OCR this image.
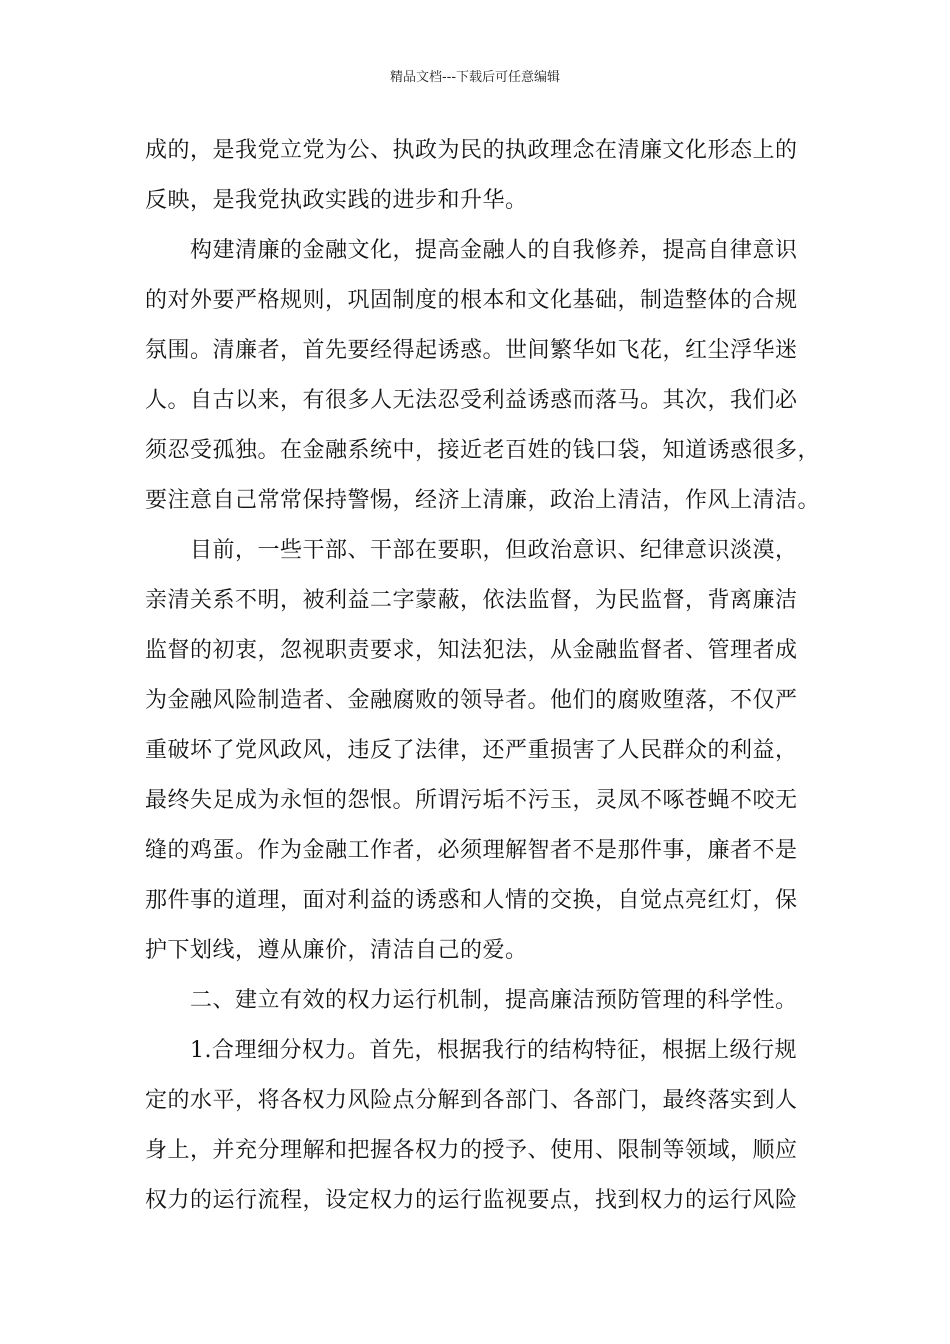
精品文档---下载后可任意编辑
成的，是我党立党为公、执政为民的执政理念在清廉文化形态上的
反映，是我党执政实践的进步和升华。
构建清廉的金融文化，提高金融人的自我修养，提高自律意识
的对外要严格规则，巩固制度的根本和文化基础，制造整体的合规
氛围。清廉者，首先要经得起诱惑。世间繁华如飞花，红尘浮华迷
人。自古以来，有很多人无法忍受利益诱惑而落马。其次，我们必
须忍受孤独。在金融系统中，接近老百姓的钱口袋，知道诱惑很多，
要注意自己常常保持警惕，经济上清廉，政治上清洁，作风上清洁。
目前，一些干部、干部在要职，但政治意识、纪律意识淡漠，
亲清关系不明，被利益二字蒙蔽，依法监督，为民监督，背离廉洁
监督的初衷，忽视职责要求，知法犯法，从金融监督者、管理者成
为金融风险制造者、金融腐败的领导者。他们的腐败堕落，不仅严
重破坏了党风政风，违反了法律，还严重损害了人民群众的利益，
最终失足成为永恒的怨恨。所谓污垢不污玉，灵凤不啄苍蝇不咬无
缝的鸡蛋。作为金融工作者，必须理解智者不是那件事，廉者不是
那件事的道理，面对利益的诱惑和人情的交换，自觉点亮红灯，保
护下划线，遵从廉价，清洁自己的爱。
二、建立有效的权力运行机制，提高廉洁预防管理的科学性。
1.合理细分权力。首先，根据我行的结构特征，根据上级行规
定的水平，将各权力风险点分解到各部门、各部门，最终落实到人
身上，并充分理解和把握各权力的授予、使用、限制等领域，顺应
权力的运行流程，设定权力的运行监视要点，找到权力的运行风险
